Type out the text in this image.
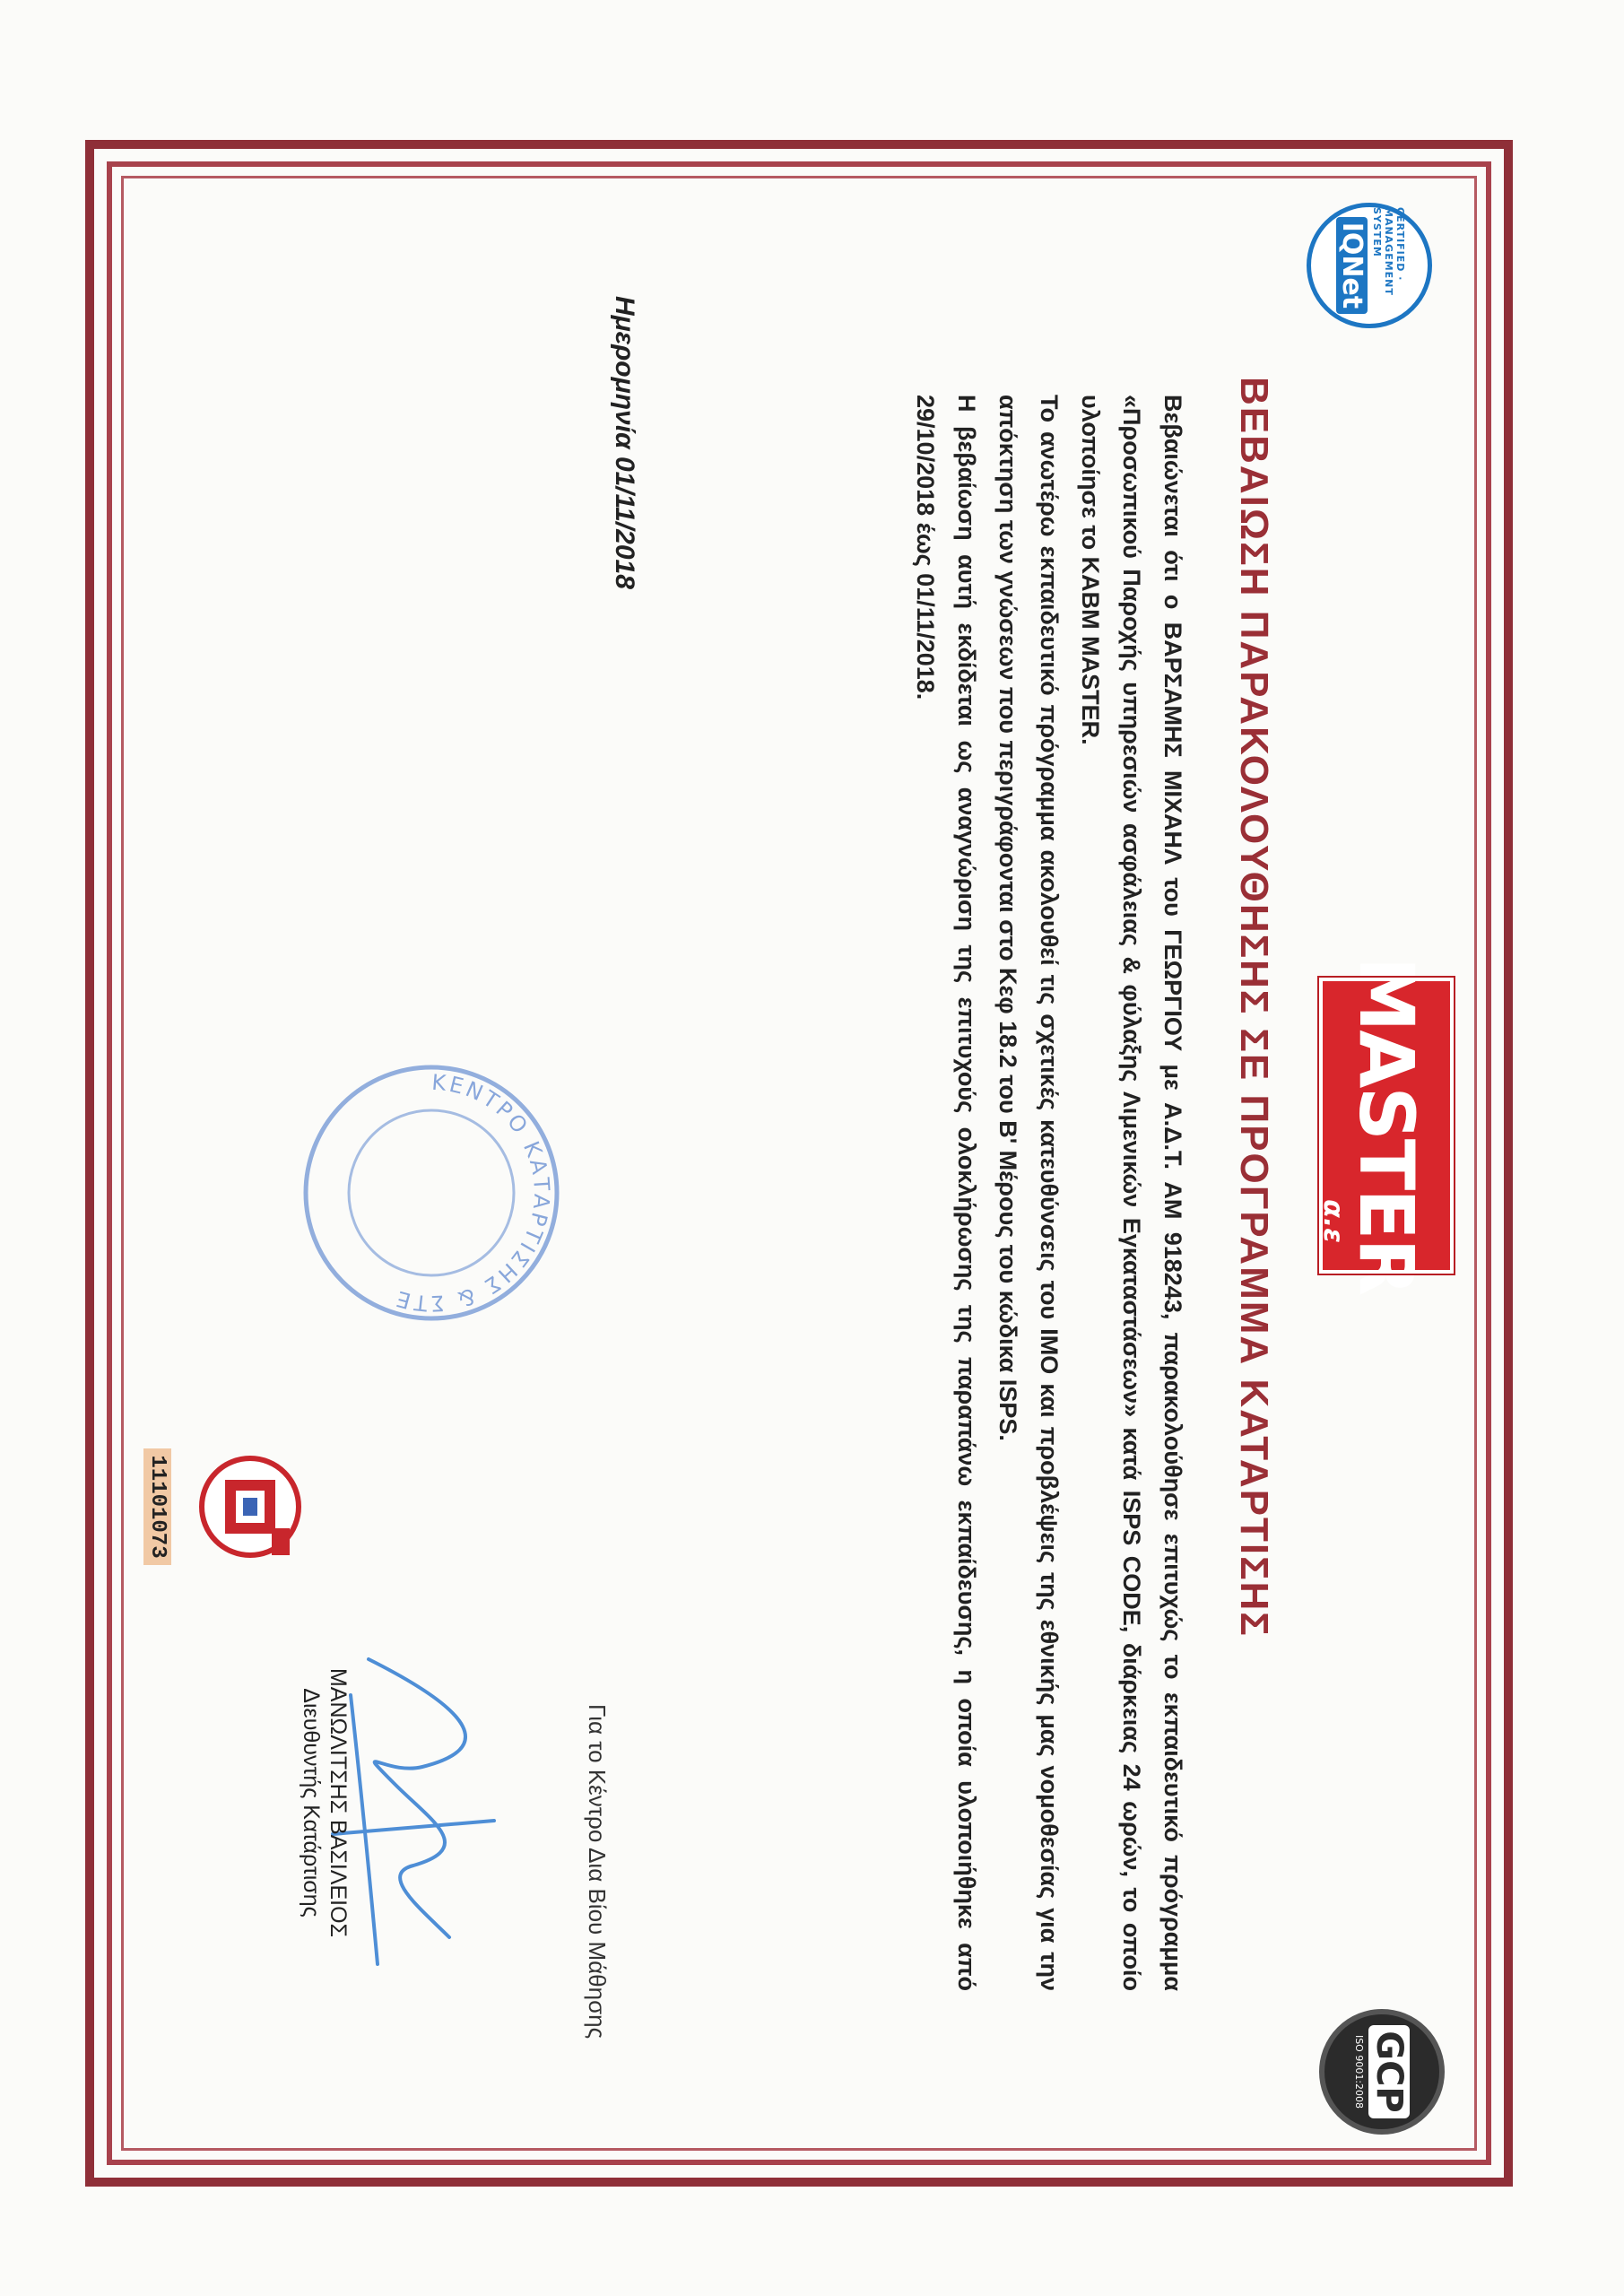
CERTIFIED · MANAGEMENT SYSTEM
IQNet
MASTER
α.ε
GCP
ISO 9001:2008
ΒΕΒΑΙΩΣΗ ΠΑΡΑΚΟΛΟΥΘΗΣΗΣ ΣΕ ΠΡΟΓΡΑΜΜΑ ΚΑΤΑΡΤΙΣΗΣ

Βεβαιώνεται ότι ο ΒΑΡΣΑΜΗΣ ΜΙΧΑΗΛ του ΓΕΩΡΓΙΟΥ με Α.Δ.Τ. ΑΜ 918243, παρακολούθησε επιτυχώς το εκπαιδευτικό πρόγραμμα «Προσωπικού Παροχής υπηρεσιών ασφάλειας & φύλαξης Λιμενικών Εγκαταστάσεων» κατά ISPS CODE, διάρκειας 24 ωρών, το οποίο υλοποίησε το ΚΑΒΜ MASTER.

Το ανωτέρω εκπαιδευτικό πρόγραμμα ακολουθεί τις σχετικές κατευθύνσεις του ΙΜΟ και προβλέψεις της εθνικής μας νομοθεσίας για την απόκτηση των γνώσεων που περιγράφονται στο Κεφ 18.2 του Β' Μέρους του κώδικα ISPS.

Η βεβαίωση αυτή εκδίδεται ως αναγνώριση της επιτυχούς ολοκλήρωσης της παραπάνω εκπαίδευσης, η οποία υλοποιήθηκε από 29/10/2018 έως 01/11/2018.

Ημερομηνία 01/11/2018
ΚΕΝΤΡΟ ΚΑΤΑΡΤΙΣΗΣ & ΣΤΕ
Για το Κέντρο Δια Βίου Μάθησης
ΜΑΝΩΛΙΤΣΗΣ ΒΑΣΙΛΕΙΟΣ
Διευθυντής Κατάρτισης
11101073
